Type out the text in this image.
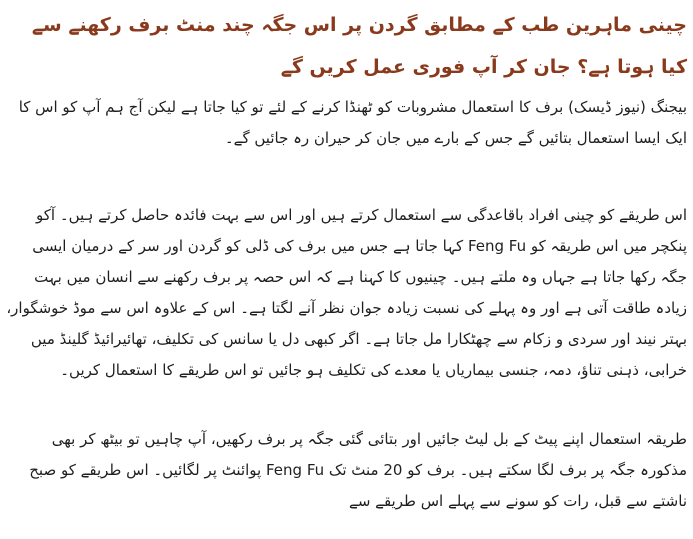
چینی ماہرین طب کے مطابق گردن پر اس جگہ چند منٹ برف رکھنے سے کیا ہوتا ہے؟ جان کر آپ فوری عمل کریں گے

بیجنگ (نیوز ڈیسک) برف کا استعمال مشروبات کو ٹھنڈا کرنے کے لئے تو کیا جاتا ہے لیکن آج ہم آپ کو اس کا ایک ایسا استعمال بتائیں گے جس کے بارے میں جان کر حیران رہ جائیں گے۔

اس طریقے کو چینی افراد باقاعدگی سے استعمال کرتے ہیں اور اس سے بہت فائدہ حاصل کرتے ہیں۔ آکو پنکچر میں اس طریقہ کو Feng Fu کہا جاتا ہے جس میں برف کی ڈلی کو گردن اور سر کے درمیان ایسی جگہ رکھا جاتا ہے جہاں وہ ملتے ہیں۔ چینیوں کا کہنا ہے کہ اس حصہ پر برف رکھنے سے انسان میں بہت زیادہ طاقت آتی ہے اور وہ پہلے کی نسبت زیادہ جوان نظر آنے لگتا ہے۔ اس کے علاوہ اس سے موڈ خوشگوار، بہتر نیند اور سردی و زکام سے چھٹکارا مل جاتا ہے۔ اگر کبھی دل یا سانس کی تکلیف، تھائیرائیڈ گلینڈ میں خرابی، ذہنی تناؤ، دمہ، جنسی بیماریاں یا معدے کی تکلیف ہو جائیں تو اس طریقے کا استعمال کریں۔

طریقہ استعمال اپنے پیٹ کے بل لیٹ جائیں اور بتائی گئی جگہ پر برف رکھیں، آپ چاہیں تو بیٹھ کر بھی مذکورہ جگہ پر برف لگا سکتے ہیں۔ برف کو 20 منٹ تک Feng Fu پوائنٹ پر لگائیں۔ اس طریقے کو صبح ناشتے سے قبل، رات کو سونے سے پہلے اس طریقے سے
